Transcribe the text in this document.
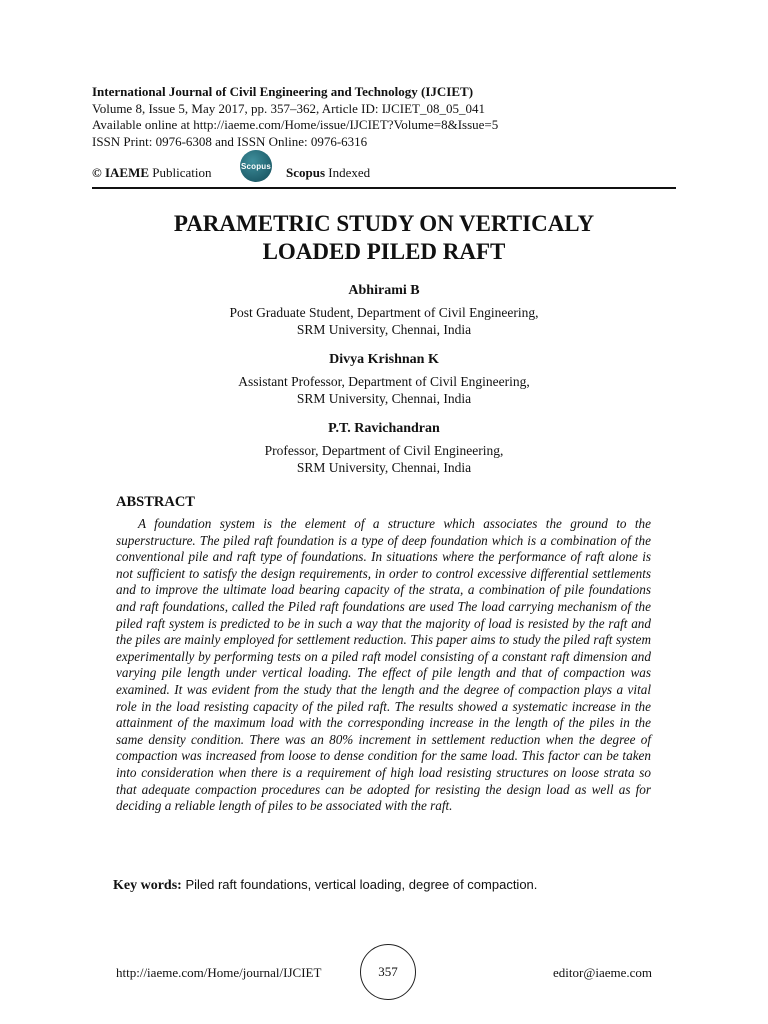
International Journal of Civil Engineering and Technology (IJCIET)
Volume 8, Issue 5, May 2017, pp. 357–362, Article ID: IJCIET_08_05_041
Available online at http://iaeme.com/Home/issue/IJCIET?Volume=8&Issue=5
ISSN Print: 0976-6308 and ISSN Online: 0976-6316
© IAEME Publication	Scopus Scopus Indexed
PARAMETRIC STUDY ON VERTICALY
LOADED PILED RAFT
Abhirami B
Post Graduate Student, Department of Civil Engineering,
SRM University, Chennai, India
Divya Krishnan K
Assistant Professor, Department of Civil Engineering,
SRM University, Chennai, India
P.T. Ravichandran
Professor, Department of Civil Engineering,
SRM University, Chennai, India
ABSTRACT
A foundation system is the element of a structure which associates the ground to the superstructure. The piled raft foundation is a type of deep foundation which is a combination of the conventional pile and raft type of foundations. In situations where the performance of raft alone is not sufficient to satisfy the design requirements, in order to control excessive differential settlements and to improve the ultimate load bearing capacity of the strata, a combination of pile foundations and raft foundations, called the Piled raft foundations are used The load carrying mechanism of the piled raft system is predicted to be in such a way that the majority of load is resisted by the raft and the piles are mainly employed for settlement reduction. This paper aims to study the piled raft system experimentally by performing tests on a piled raft model consisting of a constant raft dimension and varying pile length under vertical loading. The effect of pile length and that of compaction was examined. It was evident from the study that the length and the degree of compaction plays a vital role in the load resisting capacity of the piled raft. The results showed a systematic increase in the attainment of the maximum load with the corresponding increase in the length of the piles in the same density condition. There was an 80% increment in settlement reduction when the degree of compaction was increased from loose to dense condition for the same load. This factor can be taken into consideration when there is a requirement of high load resisting structures on loose strata so that adequate compaction procedures can be adopted for resisting the design load as well as for deciding a reliable length of piles to be associated with the raft.
Key words: Piled raft foundations, vertical loading, degree of compaction.
http://iaeme.com/Home/journal/IJCIET	357	editor@iaeme.com
